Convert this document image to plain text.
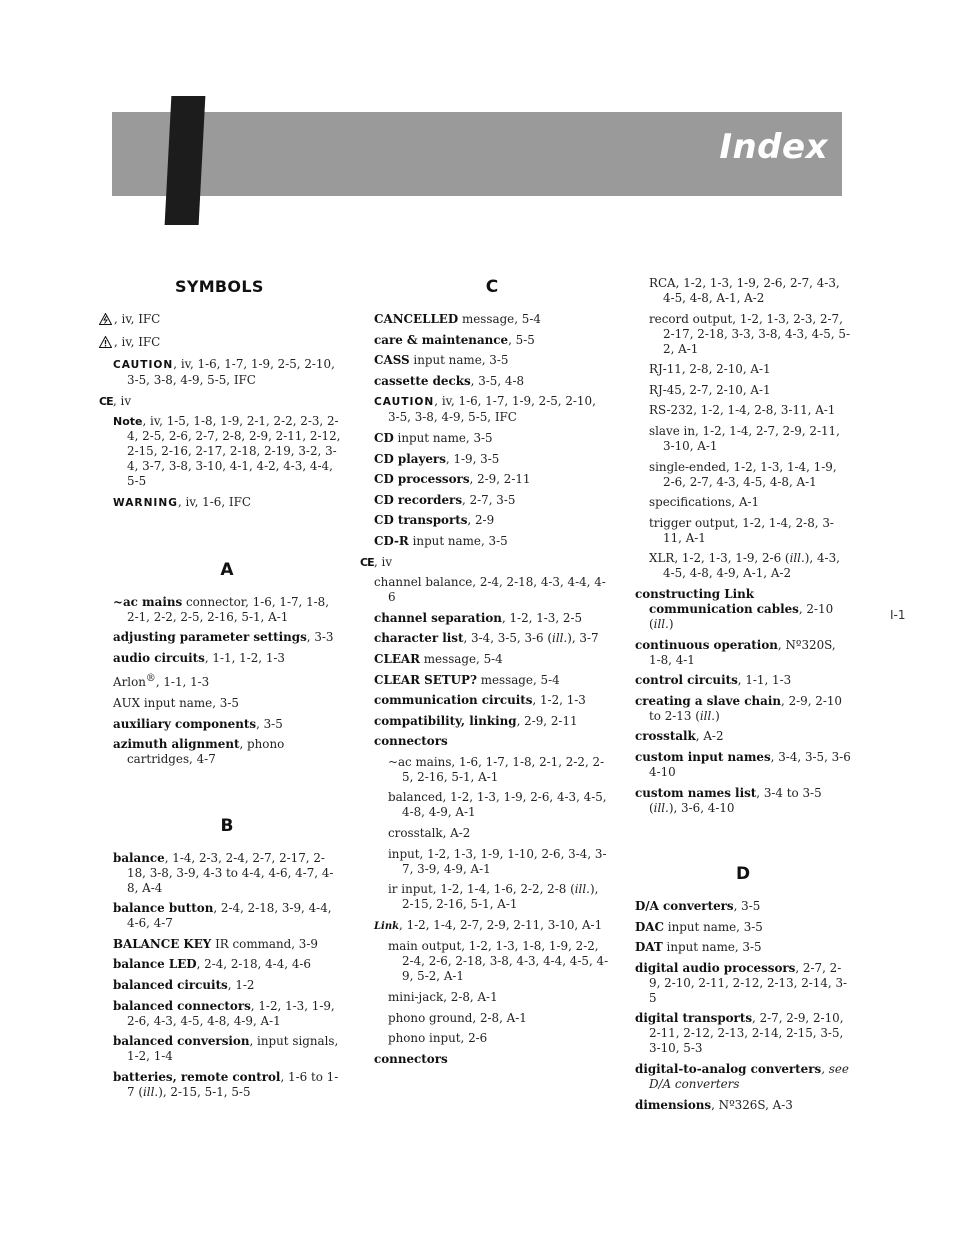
Index
SYMBOLS
, iv, IFC
, iv, IFC
CAUTION, iv, 1-6, 1-7, 1-9, 2-5, 2-10, 3-5, 3-8, 4-9, 5-5, IFC
CE, iv
Note, iv, 1-5, 1-8, 1-9, 2-1, 2-2, 2-3, 2-4, 2-5, 2-6, 2-7, 2-8, 2-9, 2-11, 2-12, 2-15, 2-16, 2-17, 2-18, 2-19, 3-2, 3-4, 3-7, 3-8, 3-10, 4-1, 4-2, 4-3, 4-4, 5-5
WARNING, iv, 1-6, IFC
A
~ac mains connector, 1-6, 1-7, 1-8, 2-1, 2-2, 2-5, 2-16, 5-1, A-1
adjusting parameter settings, 3-3
audio circuits, 1-1, 1-2, 1-3
Arlon®, 1-1, 1-3
AUX input name, 3-5
auxiliary components, 3-5
azimuth alignment, phono cartridges, 4-7
B
balance, 1-4, 2-3, 2-4, 2-7, 2-17, 2-18, 3-8, 3-9, 4-3 to 4-4, 4-6, 4-7, 4-8, A-4
balance button, 2-4, 2-18, 3-9, 4-4, 4-6, 4-7
BALANCE KEY IR command, 3-9
balance LED, 2-4, 2-18, 4-4, 4-6
balanced circuits, 1-2
balanced connectors, 1-2, 1-3, 1-9, 2-6, 4-3, 4-5, 4-8, 4-9, A-1
balanced conversion, input signals, 1-2, 1-4
batteries, remote control, 1-6 to 1-7 (ill.), 2-15, 5-1, 5-5
C
CANCELLED message, 5-4
care & maintenance, 5-5
CASS input name, 3-5
cassette decks, 3-5, 4-8
CAUTION, iv, 1-6, 1-7, 1-9, 2-5, 2-10, 3-5, 3-8, 4-9, 5-5, IFC
CD input name, 3-5
CD players, 1-9, 3-5
CD processors, 2-9, 2-11
CD recorders, 2-7, 3-5
CD transports, 2-9
CD-R input name, 3-5
CE, iv
channel balance, 2-4, 2-18, 4-3, 4-4, 4-6
channel separation, 1-2, 1-3, 2-5
character list, 3-4, 3-5, 3-6 (ill.), 3-7
CLEAR message, 5-4
CLEAR SETUP? message, 5-4
communication circuits, 1-2, 1-3
compatibility, linking, 2-9, 2-11
connectors
~ac mains, 1-6, 1-7, 1-8, 2-1, 2-2, 2-5, 2-16, 5-1, A-1
balanced, 1-2, 1-3, 1-9, 2-6, 4-3, 4-5, 4-8, 4-9, A-1
crosstalk, A-2
input, 1-2, 1-3, 1-9, 1-10, 2-6, 3-4, 3-7, 3-9, 4-9, A-1
ir input, 1-2, 1-4, 1-6, 2-2, 2-8 (ill.), 2-15, 2-16, 5-1, A-1
Link, 1-2, 1-4, 2-7, 2-9, 2-11, 3-10, A-1
main output, 1-2, 1-3, 1-8, 1-9, 2-2, 2-4, 2-6, 2-18, 3-8, 4-3, 4-4, 4-5, 4-9, 5-2, A-1
mini-jack, 2-8, A-1
phono ground, 2-8, A-1
phono input, 2-6
connectors
RCA, 1-2, 1-3, 1-9, 2-6, 2-7, 4-3, 4-5, 4-8, A-1, A-2
record output, 1-2, 1-3, 2-3, 2-7, 2-17, 2-18, 3-3, 3-8, 4-3, 4-5, 5-2, A-1
RJ-11, 2-8, 2-10, A-1
RJ-45, 2-7, 2-10, A-1
RS-232, 1-2, 1-4, 2-8, 3-11, A-1
slave in, 1-2, 1-4, 2-7, 2-9, 2-11, 3-10, A-1
single-ended, 1-2, 1-3, 1-4, 1-9, 2-6, 2-7, 4-3, 4-5, 4-8, A-1
specifications, A-1
trigger output, 1-2, 1-4, 2-8, 3-11, A-1
XLR, 1-2, 1-3, 1-9, 2-6 (ill.), 4-3, 4-5, 4-8, 4-9, A-1, A-2
constructing Link communication cables, 2-10 (ill.)
continuous operation, Nº320S, 1-8, 4-1
control circuits, 1-1, 1-3
creating a slave chain, 2-9, 2-10 to 2-13 (ill.)
crosstalk, A-2
custom input names, 3-4, 3-5, 3-6 4-10
custom names list, 3-4 to 3-5 (ill.), 3-6, 4-10
D
D/A converters, 3-5
DAC input name, 3-5
DAT input name, 3-5
digital audio processors, 2-7, 2-9, 2-10, 2-11, 2-12, 2-13, 2-14, 3-5
digital transports, 2-7, 2-9, 2-10, 2-11, 2-12, 2-13, 2-14, 2-15, 3-5, 3-10, 5-3
digital-to-analog converters, see D/A converters
dimensions, Nº326S, A-3
I-1
